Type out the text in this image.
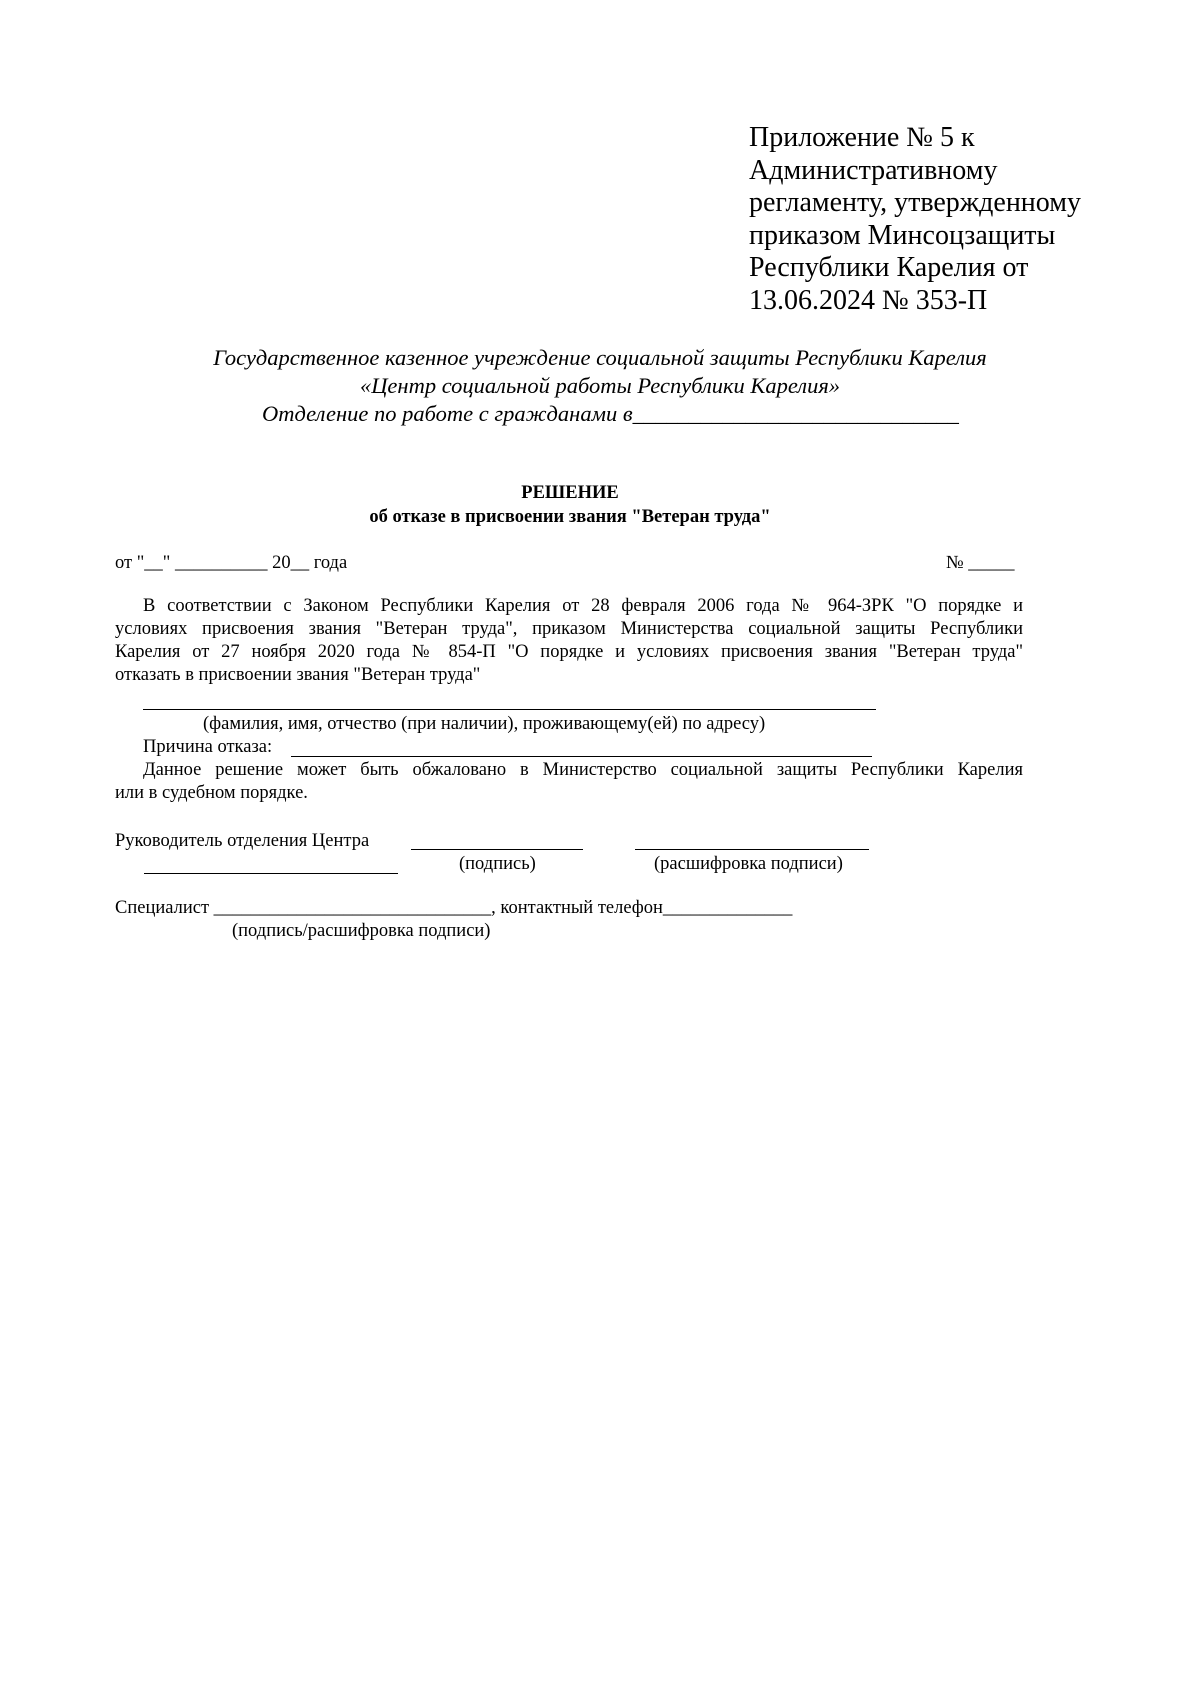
Приложение № 5 к
Административному
регламенту, утвержденному
приказом Минсоцзащиты
Республики Карелия от
13.06.2024 № 353-П
Государственное казенное учреждение социальной защиты Республики Карелия
«Центр социальной работы Республики Карелия»
Отделение по работе с гражданами в_____________________________
РЕШЕНИЕ
об отказе в присвоении звания "Ветеран труда"
от "__" __________ 20__ года	№ _____
В соответствии с Законом Республики Карелия от 28 февраля 2006 года № 964-ЗРК "О порядке и
условиях присвоения звания "Ветеран труда", приказом Министерства социальной защиты Республики
Карелия от 27 ноября 2020 года № 854-П "О порядке и условиях присвоения звания "Ветеран труда"
отказать в присвоении звания "Ветеран труда"
(фамилия, имя, отчество (при наличии), проживающему(ей) по адресу)
Причина отказа:
Данное решение может быть обжаловано в Министерство социальной защиты Республики Карелия
или в судебном порядке.
Руководитель отделения Центра
(подпись)	(расшифровка подписи)
Специалист ______________________________, контактный телефон______________
(подпись/расшифровка подписи)
